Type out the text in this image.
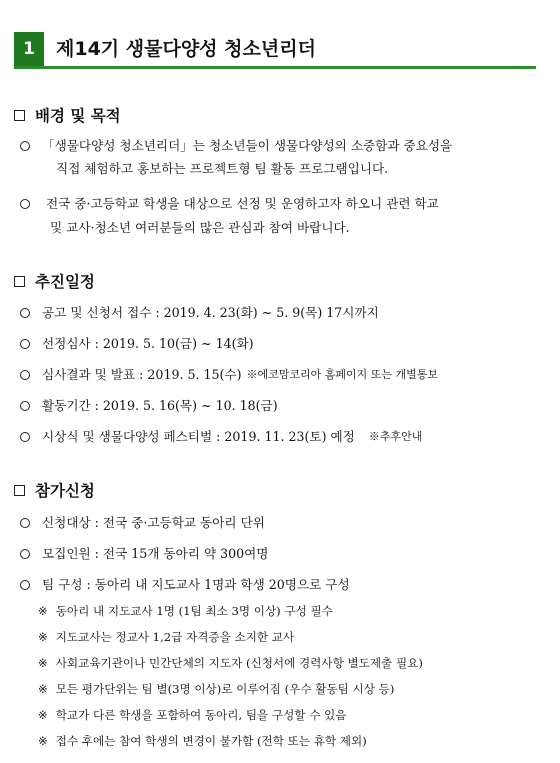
1	제14기 생물다양성 청소년리더
배경 및 목적
「생물다양성 청소년리더」는 청소년들이 생물다양성의 소중함과 중요성을
직접 체험하고 홍보하는 프로젝트형 팀 활동 프로그램입니다.
전국 중·고등학교 학생을 대상으로 선정 및 운영하고자 하오니 관련 학교
및 교사·청소년 여러분들의 많은 관심과 참여 바랍니다.
추진일정
공고 및 신청서 접수 : 2019. 4. 23(화) ~ 5. 9(목) 17시까지
선정심사 : 2019. 5. 10(금) ~ 14(화)
심사결과 및 발표 : 2019. 5. 15(수) ※에코맘코리아 홈페이지 또는 개별통보
활동기간 : 2019. 5. 16(목) ~ 10. 18(금)
시상식 및 생물다양성 페스티벌 : 2019. 11. 23(토) 예정 ※추후안내
참가신청
신청대상 : 전국 중·고등학교 동아리 단위
모집인원 : 전국 15개 동아리 약 300여명
팀 구성 : 동아리 내 지도교사 1명과 학생 20명으로 구성
※ 동아리 내 지도교사 1명 (1팀 최소 3명 이상) 구성 필수
※ 지도교사는 정교사 1,2급 자격증을 소지한 교사
※ 사회교육기관이나 민간단체의 지도자 (신청서에 경력사항 별도제출 필요)
※ 모든 평가단위는 팀 별(3명 이상)로 이루어짐 (우수 활동팀 시상 등)
※ 학교가 다른 학생을 포함하여 동아리, 팀을 구성할 수 있음
※ 접수 후에는 참여 학생의 변경이 불가함 (전학 또는 휴학 제외)
